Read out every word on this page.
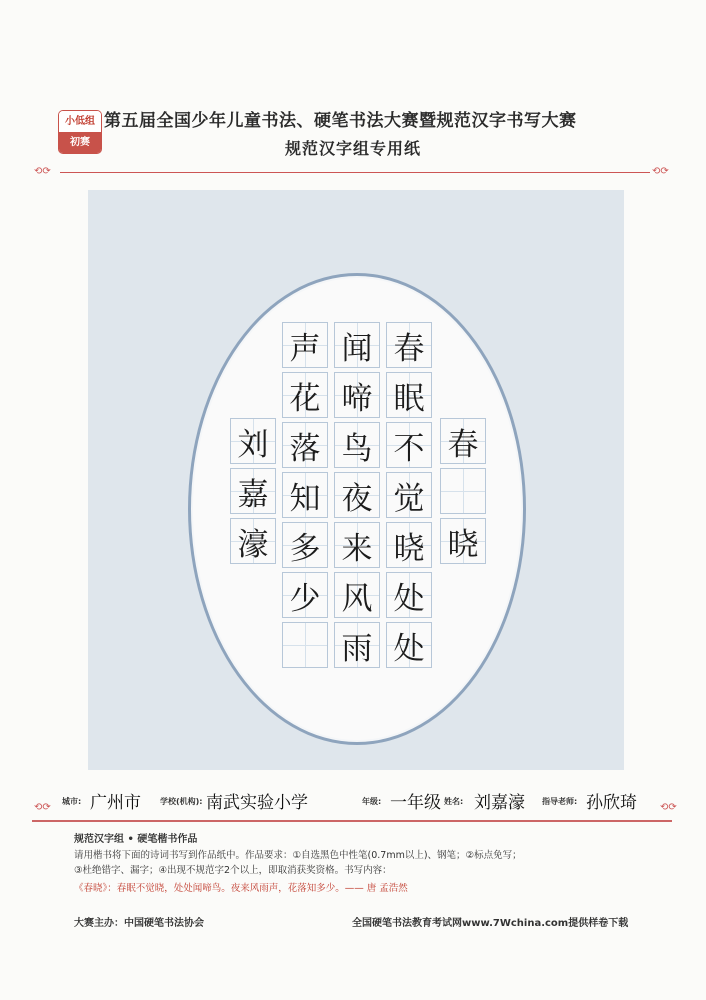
小低组
初赛
第五届全国少年儿童书法、硬笔书法大赛暨规范汉字书写大赛
规范汉字组专用纸
⟲⟳	⟲⟳
春
晓
春
眠
不
觉
晓
处
处
闻
啼
鸟
夜
来
风
雨
声
花
落
知
多
少
刘
嘉
濠
⟲⟳
城市: 广州市 学校(机构): 南武实验小学	年级: 一年级 姓名: 刘嘉濠 指导老师: 孙欣琦 ⟲⟳
规范汉字组 • 硬笔楷书作品
请用楷书将下面的诗词书写到作品纸中。作品要求：①自选黑色中性笔(0.7mm以上)、钢笔；②标点免写；
③杜绝错字、漏字；④出现不规范字2个以上，即取消获奖资格。书写内容：
《春晓》：春眠不觉晓，处处闻啼鸟。夜来风雨声，花落知多少。—— 唐 孟浩然
大赛主办：中国硬笔书法协会	全国硬笔书法教育考试网www.7Wchina.com提供样卷下载
